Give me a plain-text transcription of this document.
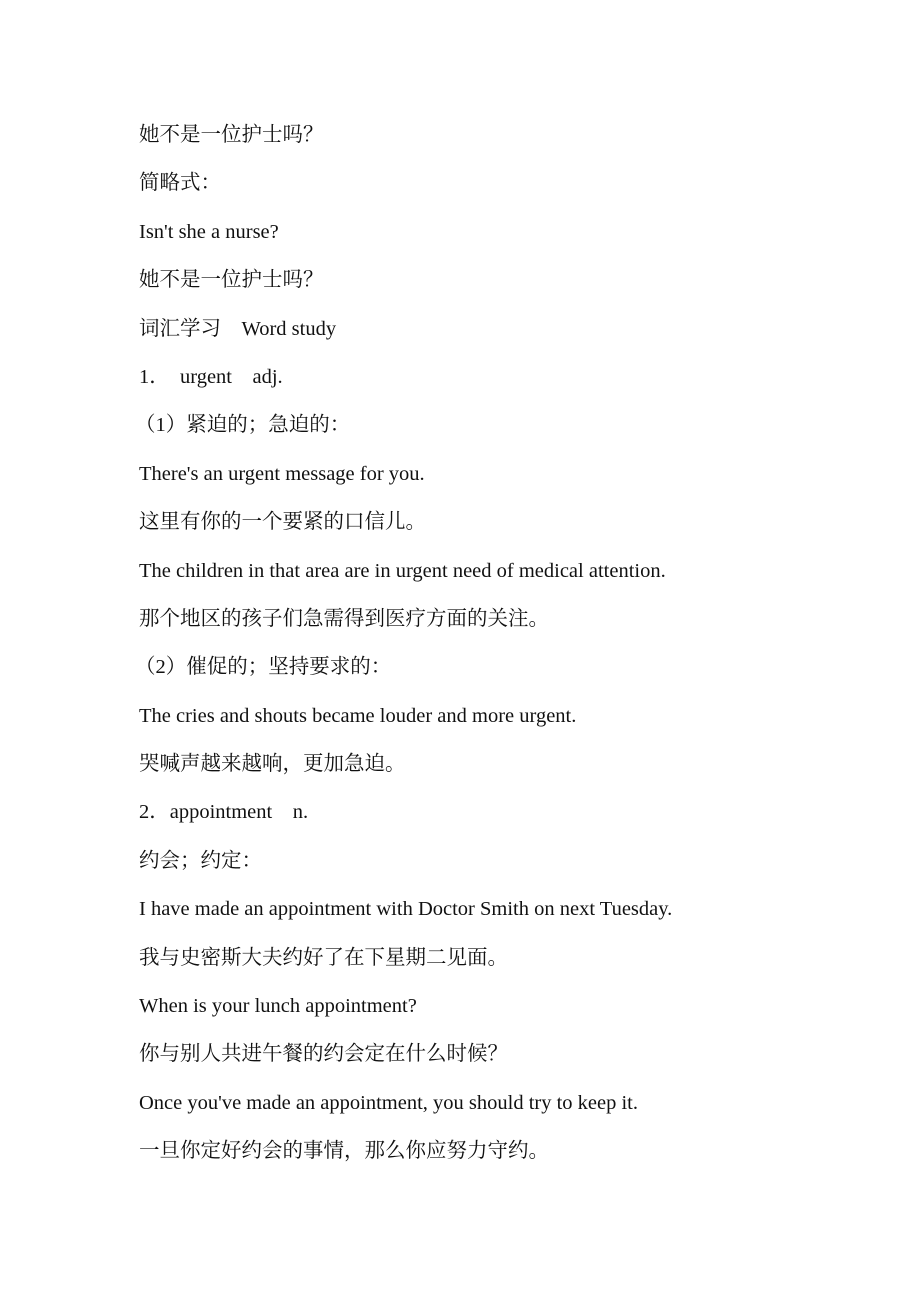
她不是一位护士吗？
简略式：
Isn't she a nurse?
她不是一位护士吗？
词汇学习    Word study
1．  urgent    adj.
（1）紧迫的；急迫的：
There's an urgent message for you.
这里有你的一个要紧的口信儿。
The children in that area are in urgent need of medical attention.
那个地区的孩子们急需得到医疗方面的关注。
（2）催促的；坚持要求的：
The cries and shouts became louder and more urgent.
哭喊声越来越响，更加急迫。
2．appointment    n.
约会；约定：
I have made an appointment with Doctor Smith on next Tuesday.
我与史密斯大夫约好了在下星期二见面。
When is your lunch appointment?
你与别人共进午餐的约会定在什么时候？
Once you've made an appointment, you should try to keep it.
一旦你定好约会的事情，那么你应努力守约。
